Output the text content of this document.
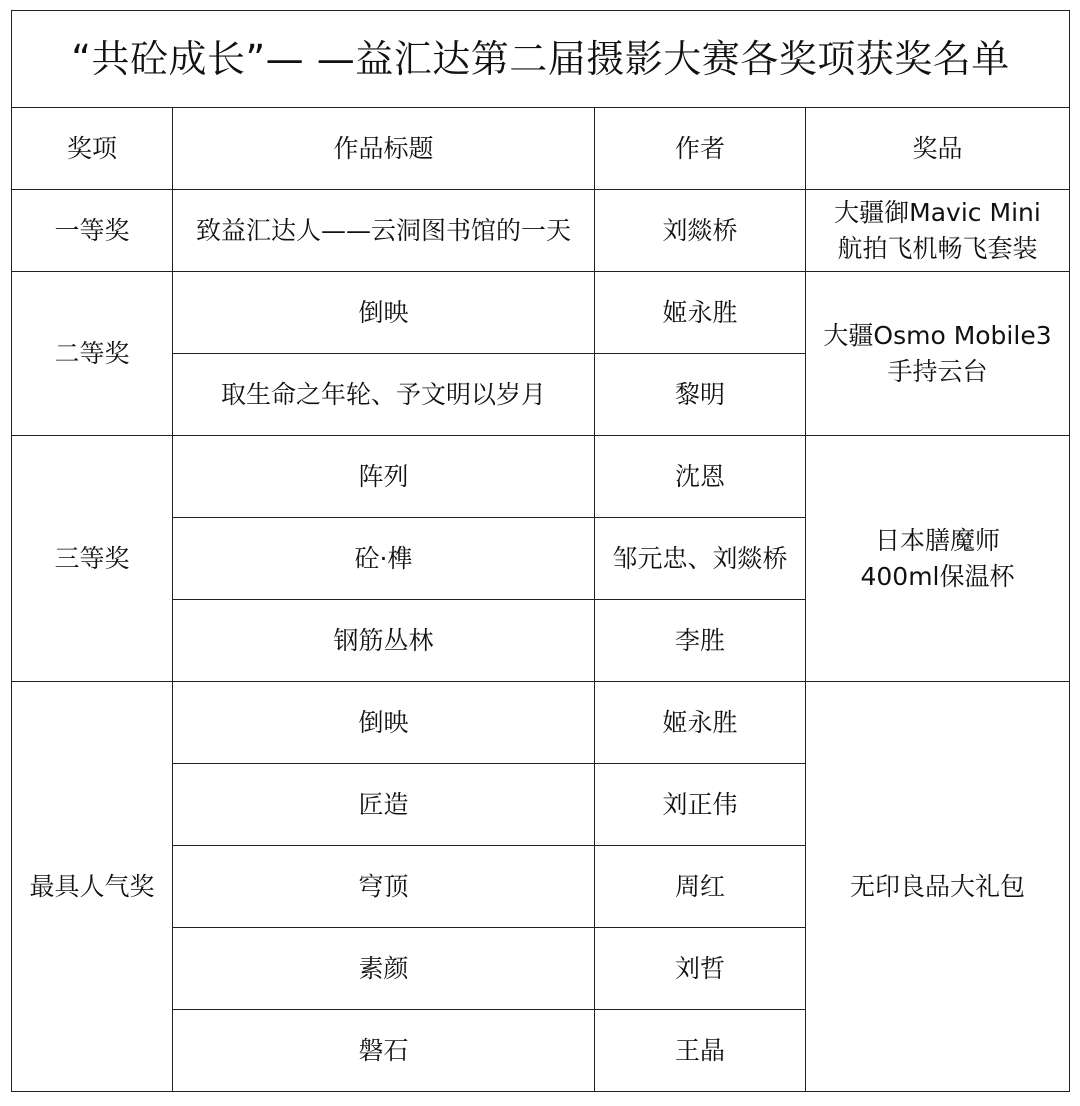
“共砼成长”— —益汇达第二届摄影大赛各奖项获奖名单			
奖项	作品标题	作者	奖品
一等奖	致益汇达人——云洞图书馆的一天	刘燚桥	大疆御Mavic Mini
航拍飞机畅飞套装
二等奖	倒映	姬永胜	大疆Osmo Mobile3
手持云台
	取生命之年轮、予文明以岁月	黎明	
三等奖	阵列	沈恩	日本膳魔师
400ml保温杯
	砼·榫	邹元忠、刘燚桥	
	钢筋丛林	李胜	
最具人气奖	倒映	姬永胜	无印良品大礼包
	匠造	刘正伟	
	穹顶	周红	
	素颜	刘哲	
	磐石	王晶	
